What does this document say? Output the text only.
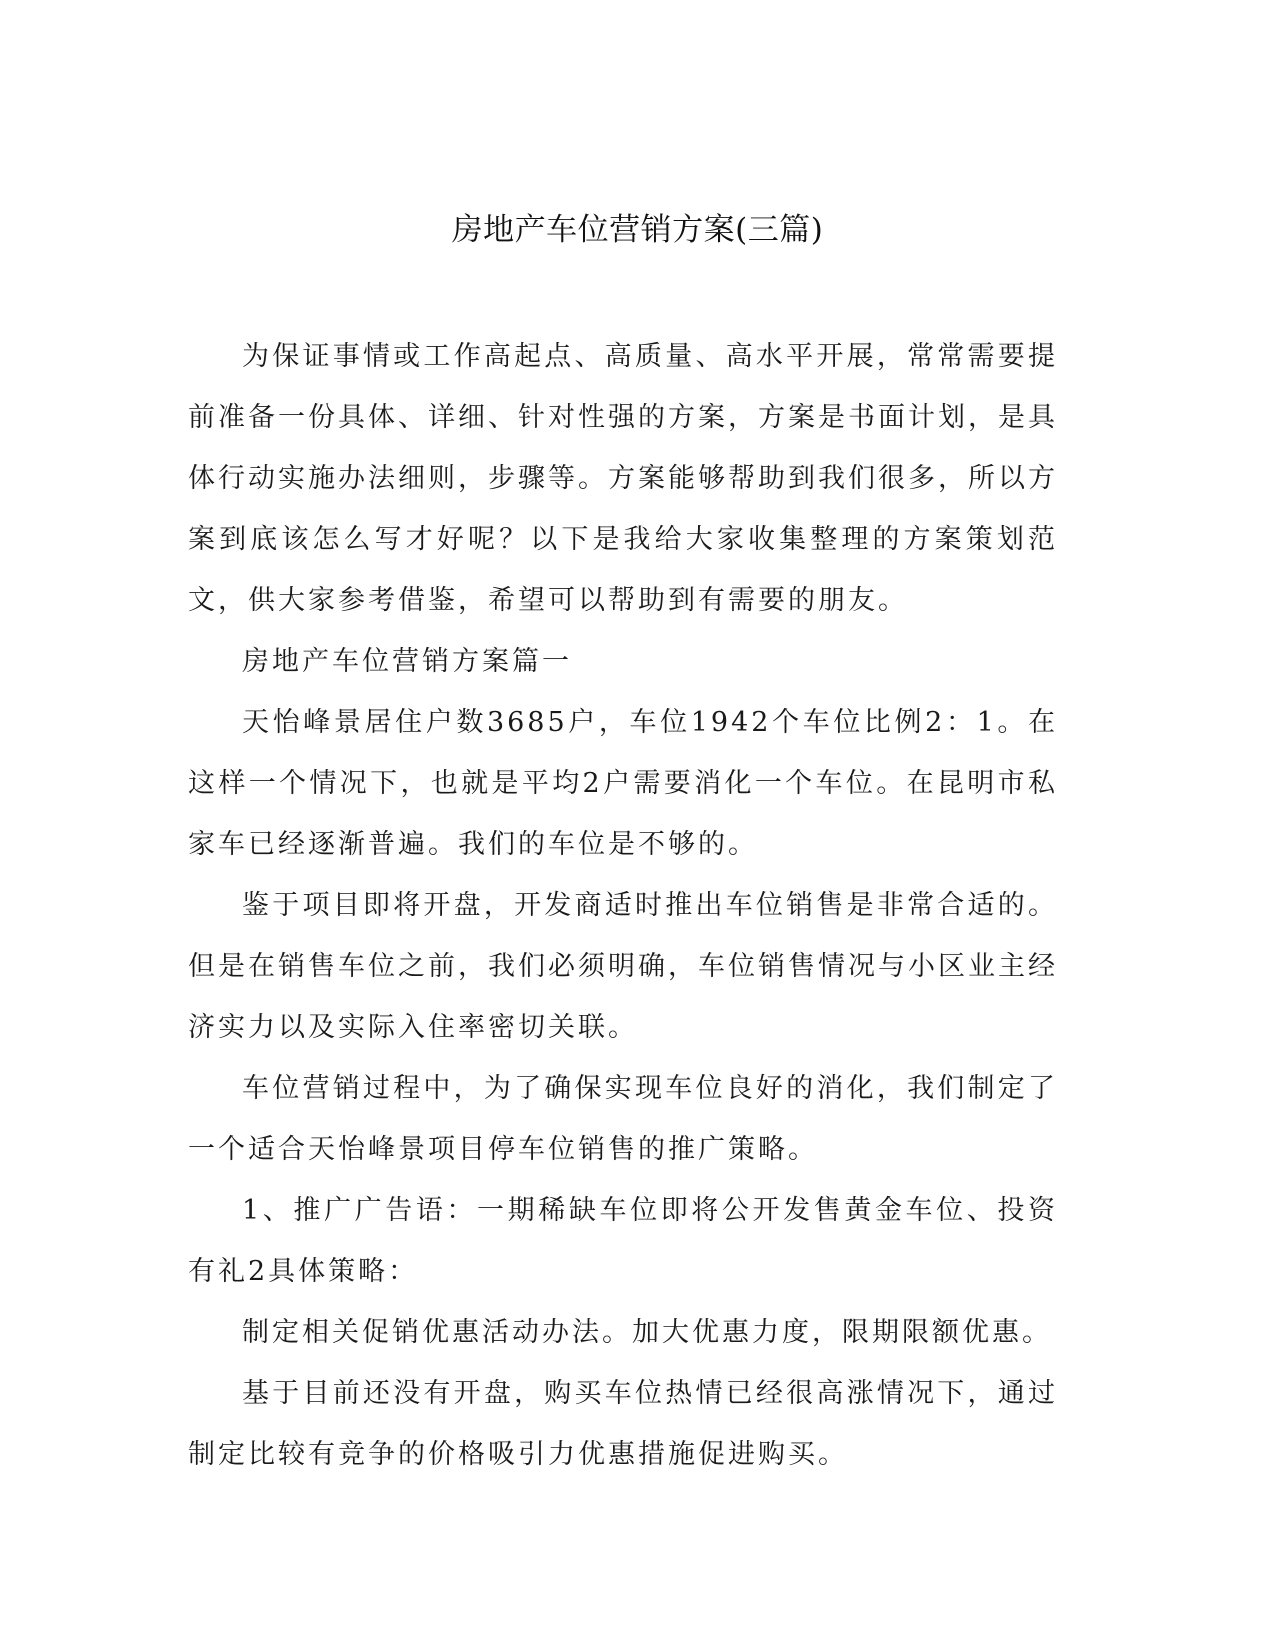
房地产车位营销方案(三篇)

为保证事情或工作高起点、高质量、高水平开展，常常需要提前准备一份具体、详细、针对性强的方案，方案是书面计划，是具体行动实施办法细则，步骤等。方案能够帮助到我们很多，所以方案到底该怎么写才好呢？以下是我给大家收集整理的方案策划范文，供大家参考借鉴，希望可以帮助到有需要的朋友。

房地产车位营销方案篇一

天怡峰景居住户数3685户，车位1942个车位比例2：1。在这样一个情况下，也就是平均2户需要消化一个车位。在昆明市私家车已经逐渐普遍。我们的车位是不够的。

鉴于项目即将开盘，开发商适时推出车位销售是非常合适的。但是在销售车位之前，我们必须明确，车位销售情况与小区业主经济实力以及实际入住率密切关联。

车位营销过程中，为了确保实现车位良好的消化，我们制定了一个适合天怡峰景项目停车位销售的推广策略。

1、推广广告语：一期稀缺车位即将公开发售黄金车位、投资有礼2具体策略：

制定相关促销优惠活动办法。加大优惠力度，限期限额优惠。

基于目前还没有开盘，购买车位热情已经很高涨情况下，通过制定比较有竞争的价格吸引力优惠措施促进购买。
